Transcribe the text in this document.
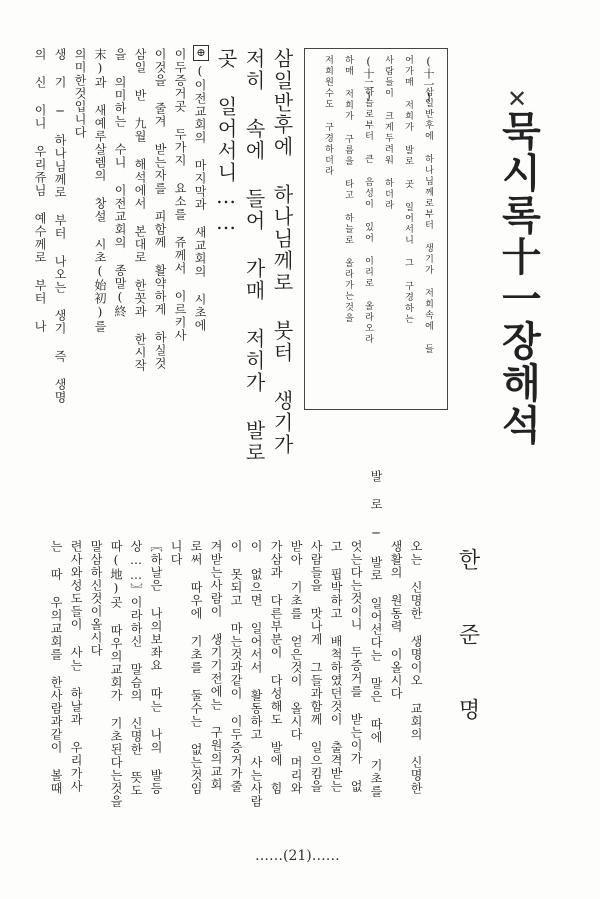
✕
묵시록十一장해석
한 준 명
(十一)
삼일반후에 하나님께로부터 생기가 저희속에 들
어가매 저희가 발로 곳 일어서니 그 구경하는
사람들이 크게두려워 하더라
(十二)
하늘로부터 큰 음성이 있어 이리로 올라오라
하매 저희가 구름을 타고 하늘로 올라가는것을
저희원수도 구경하더라
삼일반후에 하나님께로 붓터 생기가
저히 속에 들어 가매 저히가 발로
곳 일어서니……
⊕
(이전교회의 마지막과 새교회의 시초에
이두증거곳 두가지 요소를 쥬께서 이르키사
이것을 줄겨 받는자를 피함께 활약하게 하실것
삼일 반 九월 해석에서 본대로 한꼿과 한시작
을 의미하는 수니 이전교회의 종말(終
末)과 새예루살렘의 창설 시초(始初)를
의미한것입니다
생 기 ─ 하나님께로 부터 나오는 생기 즉 생명
의 신 이니 우리쥬님 예수께로 부터 나
오는 신명한 생명이오 교회의 신명한
생활의 원동력 이올시다
발 로 ─ 발로 일어선다는 말은 따에 기초를
엇는다는것이니 두증거를 받는이가 없
고 핍박하고 배척하였던것이 출격받는
사람들을 맛나게 그들과함께 일으킴을
받아 기초를 얻은것이 올시다 머리와
가삼과 다른부분이 다성해도 발에 힘
이 없으면 일어서서 활동하고 사는사람
이 못되고 마는것과같이 이두증거가줄
겨받는사람이 생기기전에는 구원의교회
로써 따우에 기초를 둘수는 없는것임
니다
〖하날은 나의보좌요 따는 나의 발등
상……〗이라하신 말슴의 신명한 뜻도
따(地)곳 따우의교회가 기초된다는것을
말삼하신것이올시다
련사와성도들이 사는 하날과 우리가사
는 따 우의교회를 한사람과같이 볼때
……(21)……
